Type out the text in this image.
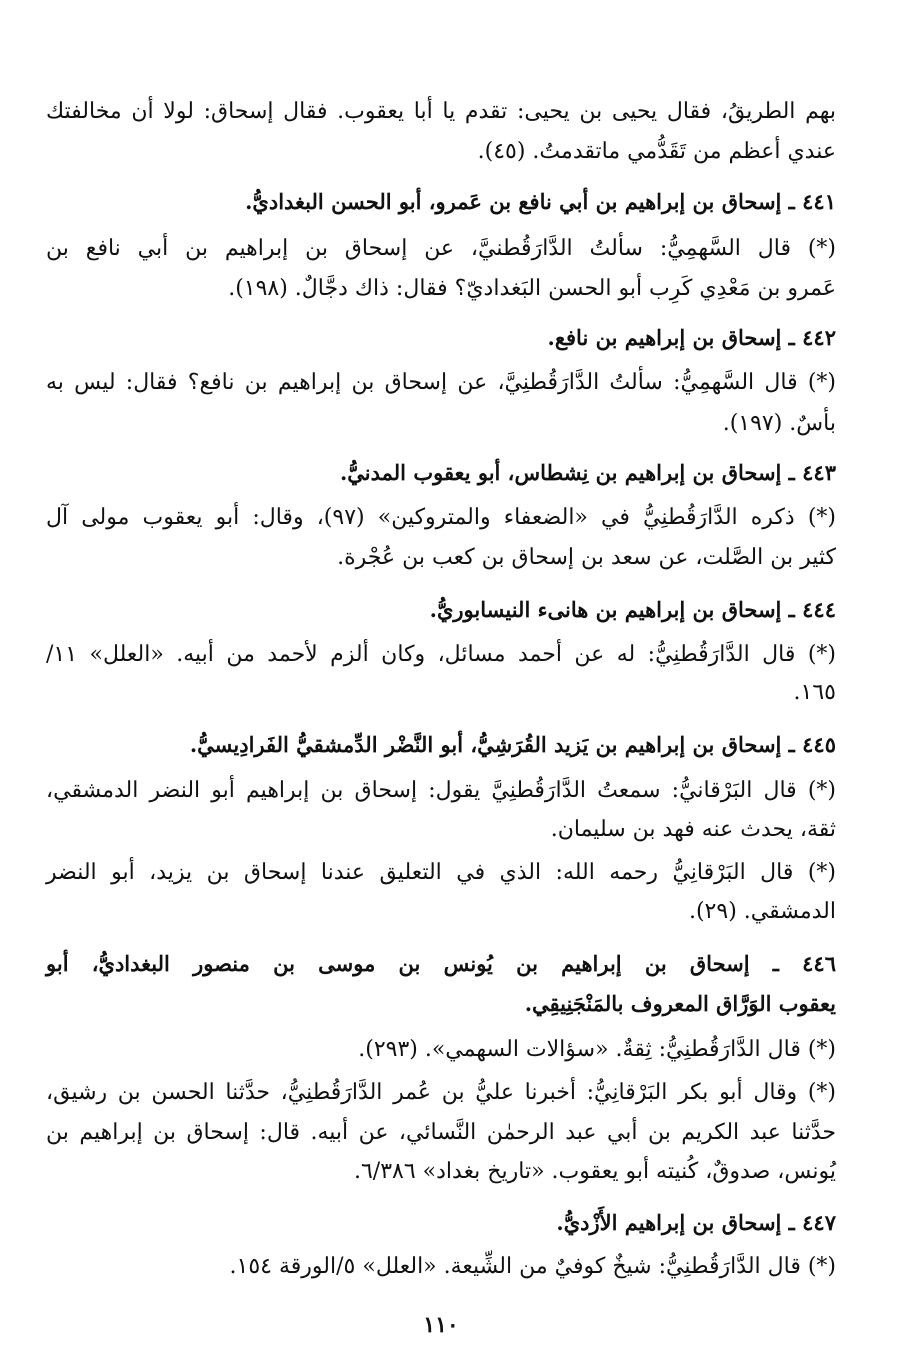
بهم الطريقُ، فقال يحيى بن يحيى: تقدم يا أبا يعقوب. فقال إسحاق: لولا أن مخالفتك
عندي أعظم من تَقَدُّمي ماتقدمتُ. (٤٥).
٤٤١ ـ إسحاق بن إبراهيم بن أبي نافع بن عَمرو، أبو الحسن البغداديُّ.
(*) قال السَّهمِيُّ: سألتُ الدَّارَقُطنيَّ، عن إسحاق بن إبراهيم بن أبي نافع بن
عَمرو بن مَعْدِي كَرِب أبو الحسن البَغداديّ؟ فقال: ذاك دجَّالٌ. (١٩٨).
٤٤٢ ـ إسحاق بن إبراهيم بن نافع.
(*) قال السَّهمِيُّ: سألتُ الدَّارَقُطنِيَّ، عن إسحاق بن إبراهيم بن نافع؟ فقال: ليس به
بأسٌ. (١٩٧).
٤٤٣ ـ إسحاق بن إبراهيم بن نِشطاس، أبو يعقوب المدنيُّ.
(*) ذكره الدَّارَقُطنِيُّ في «الضعفاء والمتروكين» (٩٧)، وقال: أبو يعقوب مولى آل
كثير بن الصَّلت، عن سعد بن إسحاق بن كعب بن عُجْرة.
٤٤٤ ـ إسحاق بن إبراهيم بن هانىء النيسابوريُّ.
(*) قال الدَّارَقُطنِيُّ: له عن أحمد مسائل، وكان ألزم لأحمد من أبيه. «العلل» ١١/
١٦٥.
٤٤٥ ـ إسحاق بن إبراهيم بن يَزيد القُرَشِيُّ، أبو النَّضْر الدِّمشقيُّ الفَرادِيسيُّ.
(*) قال البَرْقانيُّ: سمعتُ الدَّارَقُطنِيَّ يقول: إسحاق بن إبراهيم أبو النضر الدمشقي،
ثقة، يحدث عنه فهد بن سليمان.
(*) قال البَرْقانِيُّ رحمه الله: الذي في التعليق عندنا إسحاق بن يزيد، أبو النضر
الدمشقي. (٢٩).
٤٤٦ ـ إسحاق بن إبراهيم بن يُونس بن موسى بن منصور البغداديُّ، أبو
يعقوب الوَرَّاق المعروف بالمَنْجَنِيقِي.
(*) قال الدَّارَقُطنِيُّ: ثِقةٌ. «سؤالات السهمي». (٢٩٣).
(*) وقال أبو بكر البَرْقانِيُّ: أخبرنا عليُّ بن عُمر الدَّارَقُطنِيُّ، حدَّثنا الحسن بن رشيق،
حدَّثنا عبد الكريم بن أبي عبد الرحمٰن النَّسائي، عن أبيه. قال: إسحاق بن إبراهيم بن
يُونس، صدوقٌ، كُنيته أبو يعقوب. «تاريخ بغداد» ٦/٣٨٦.
٤٤٧ ـ إسحاق بن إبراهيم الأَزْديُّ.
(*) قال الدَّارَقُطنِيُّ: شيخٌ كوفيٌ من الشِّيعة. «العلل» ٥/الورقة ١٥٤.
١١٠
